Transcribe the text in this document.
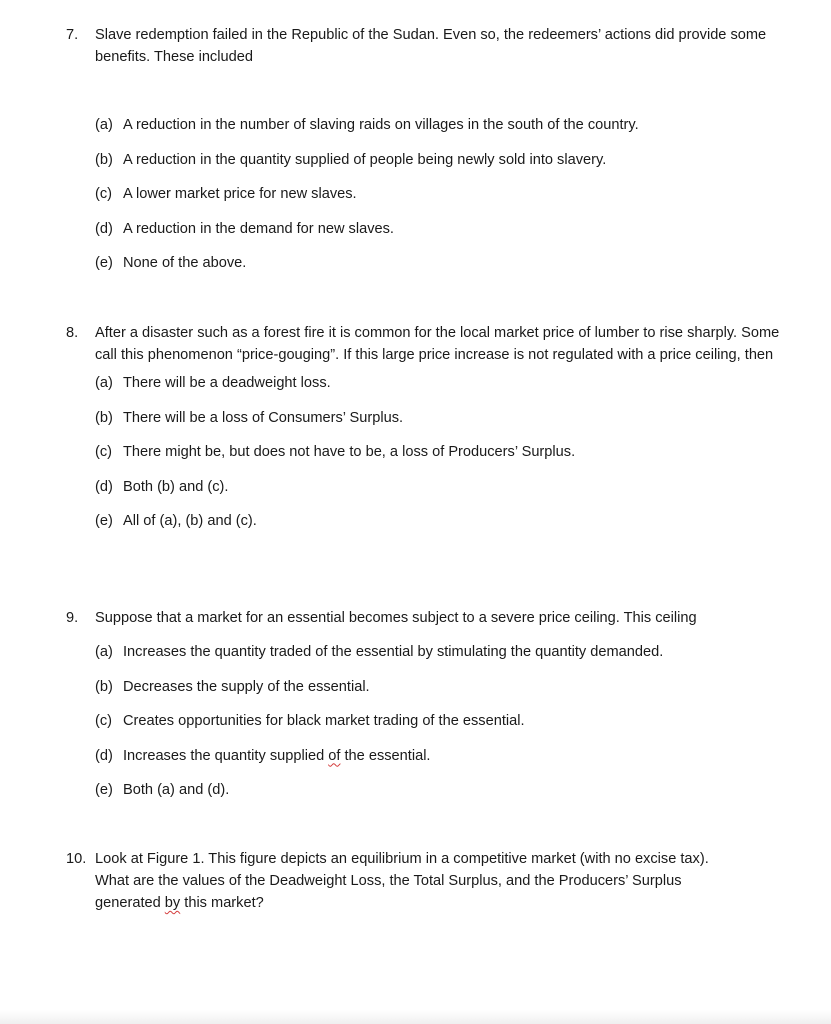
7.	Slave redemption failed in the Republic of the Sudan. Even so, the redeemers’ actions did provide some benefits. These included
(a) A reduction in the number of slaving raids on villages in the south of the country.
(b) A reduction in the quantity supplied of people being newly sold into slavery.
(c) A lower market price for new slaves.
(d) A reduction in the demand for new slaves.
(e) None of the above.
8.	After a disaster such as a forest fire it is common for the local market price of lumber to rise sharply. Some call this phenomenon “price-gouging”. If this large price increase is not regulated with a price ceiling, then
(a) There will be a deadweight loss.
(b) There will be a loss of Consumers’ Surplus.
(c) There might be, but does not have to be, a loss of Producers’ Surplus.
(d) Both (b) and (c).
(e) All of (a), (b) and (c).
9.	Suppose that a market for an essential becomes subject to a severe price ceiling. This ceiling
(a) Increases the quantity traded of the essential by stimulating the quantity demanded.
(b) Decreases the supply of the essential.
(c) Creates opportunities for black market trading of the essential.
(d) Increases the quantity supplied of the essential.
(e) Both (a) and (d).
10. Look at Figure 1. This figure depicts an equilibrium in a competitive market (with no excise tax).
What are the values of the Deadweight Loss, the Total Surplus, and the Producers’ Surplus
generated by this market?
